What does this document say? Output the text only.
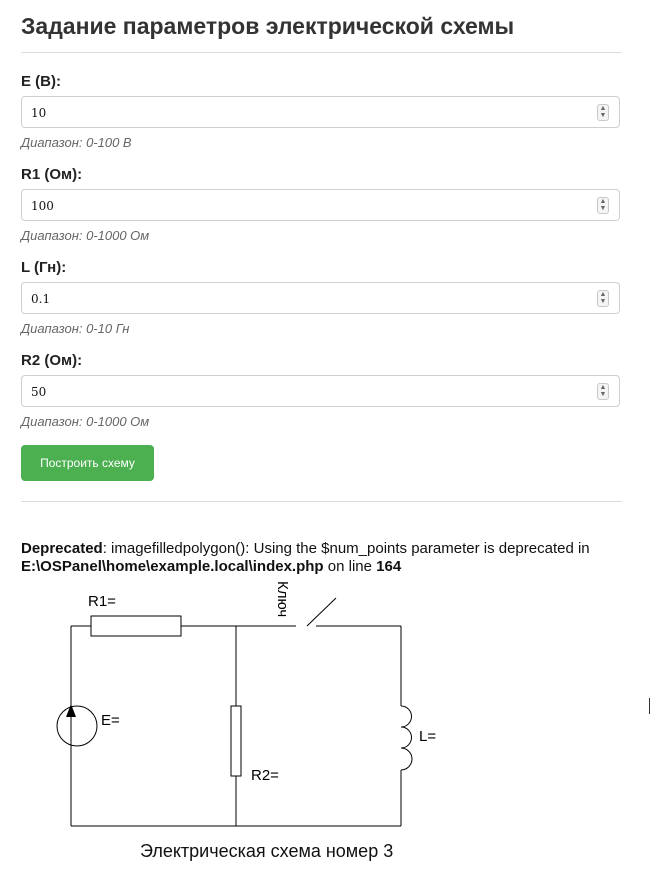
Задание параметров электрической схемы
E (В):
10	▲
▼
Диапазон: 0-100 В
R1 (Ом):
100	▲
▼
Диапазон: 0-1000 Ом
L (Гн):
0.1	▲
▼
Диапазон: 0-10 Гн
R2 (Ом):
50	▲
▼
Диапазон: 0-1000 Ом
Построить схему
Deprecated: imagefilledpolygon(): Using the $num_points parameter is deprecated in E:\OSPanel\home\example.local\index.php on line 164
R1=
E=
R2=
L=
Ключ
Электрическая схема номер 3
